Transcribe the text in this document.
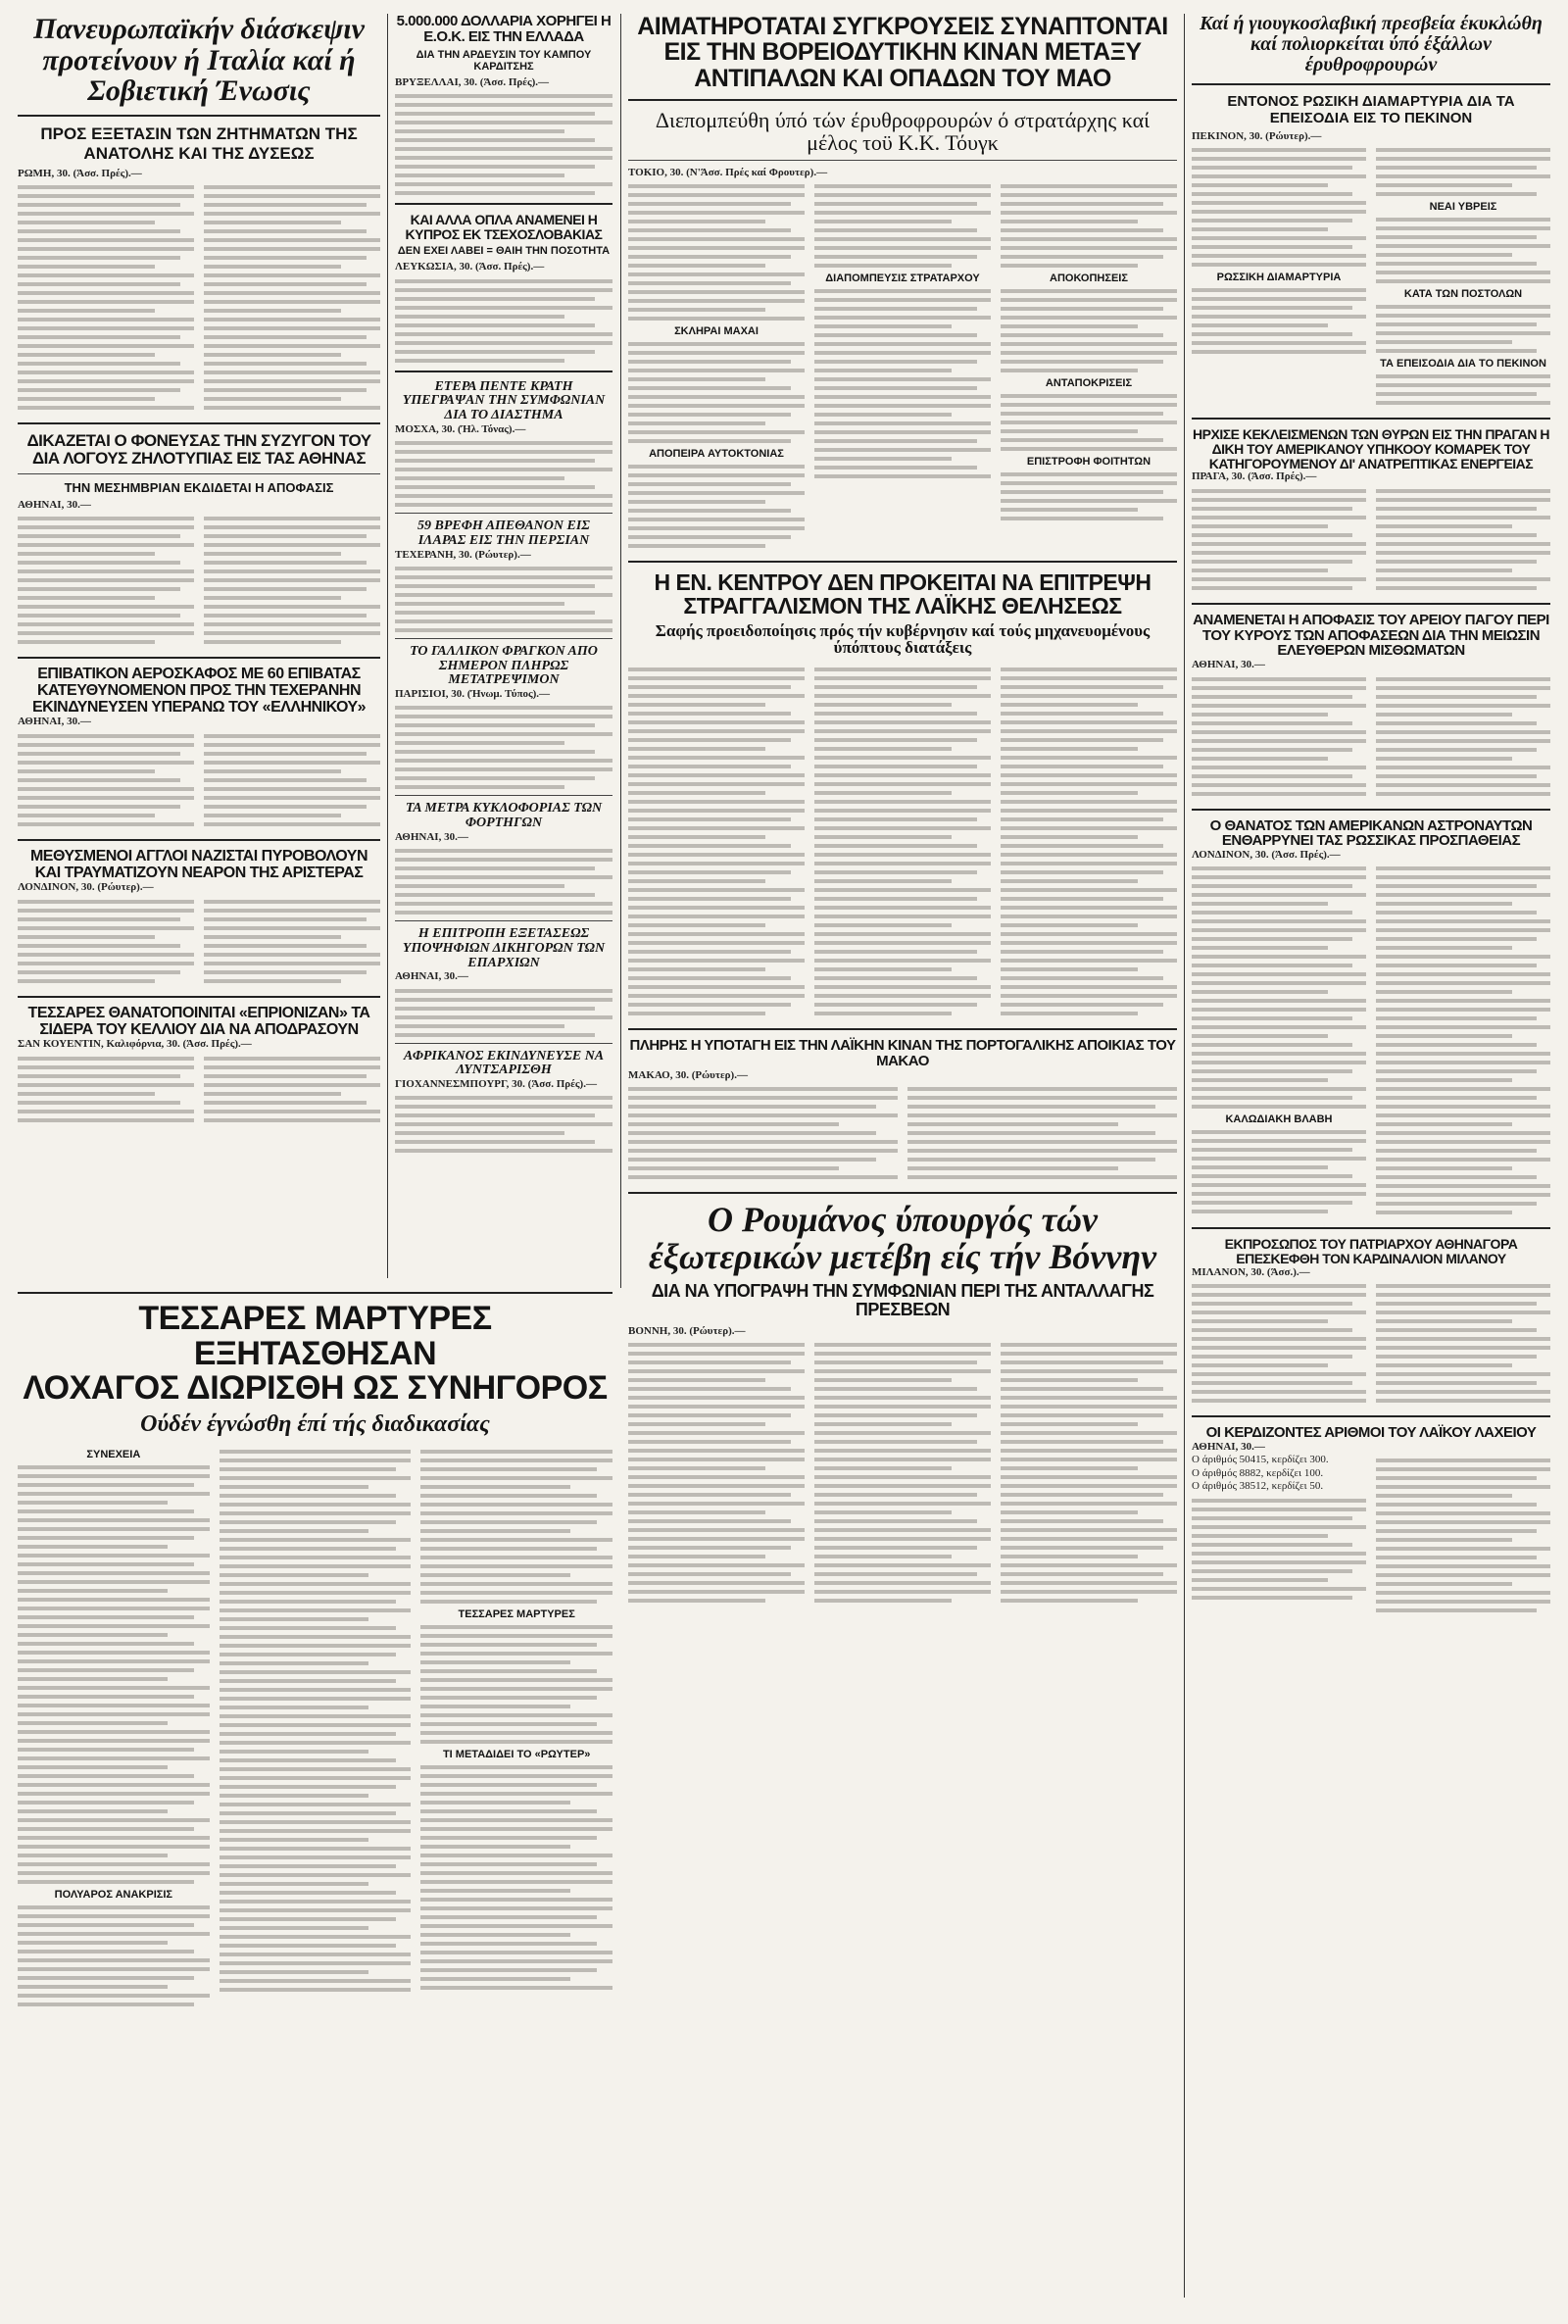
Πανευρωπαϊκήν διάσκεψιν προτείνουν ή Ιταλία καί ή Σοβιετική Ένωσις
ΠΡΟΣ ΕΞΕΤΑΣΙΝ ΤΩΝ ΖΗΤΗΜΑΤΩΝ ΤΗΣ ΑΝΑΤΟΛΗΣ ΚΑΙ ΤΗΣ ΔΥΣΕΩΣ

ΡΩΜΗ, 30. (Άσσ. Πρές).—

ΔΙΚΑΖΕΤΑΙ Ο ΦΟΝΕΥΣΑΣ ΤΗΝ ΣΥΖΥΓΟΝ ΤΟΥ ΔΙΑ ΛΟΓΟΥΣ ΖΗΛΟΤΥΠΙΑΣ ΕΙΣ ΤΑΣ ΑΘΗΝΑΣ
ΤΗΝ ΜΕΣΗΜΒΡΙΑΝ ΕΚΔΙΔΕΤΑΙ Η ΑΠΟΦΑΣΙΣ

ΑΘΗΝΑΙ, 30.—

ΕΠΙΒΑΤΙΚΟΝ ΑΕΡΟΣΚΑΦΟΣ ΜΕ 60 ΕΠΙΒΑΤΑΣ ΚΑΤΕΥΘΥΝΟΜΕΝΟΝ ΠΡΟΣ ΤΗΝ ΤΕΧΕΡΑΝΗΝ ΕΚΙΝΔΥΝΕΥΣΕΝ ΥΠΕΡΑΝΩ ΤΟΥ «ΕΛΛΗΝΙΚΟΥ»

ΑΘΗΝΑΙ, 30.—

ΜΕΘΥΣΜΕΝΟΙ ΑΓΓΛΟΙ ΝΑΖΙΣΤΑΙ ΠΥΡΟΒΟΛΟΥΝ ΚΑΙ ΤΡΑΥΜΑΤΙΖΟΥΝ ΝΕΑΡΟΝ ΤΗΣ ΑΡΙΣΤΕΡΑΣ

ΛΟΝΔΙΝΟΝ, 30. (Ρώυτερ).—

ΤΕΣΣΑΡΕΣ ΘΑΝΑΤΟΠΟΙΝΙΤΑΙ «ΕΠΡΙΟΝΙΖΑΝ» ΤΑ ΣΙΔΕΡΑ ΤΟΥ ΚΕΛΛΙΟΥ ΔΙΑ ΝΑ ΑΠΟΔΡΑΣΟΥΝ

ΣΑΝ ΚΟΥΕΝΤΙΝ, Καλιφόρνια, 30. (Άσσ. Πρές).—

5.000.000 ΔΟΛΛΑΡΙΑ ΧΟΡΗΓΕΙ Η Ε.Ο.Κ. ΕΙΣ ΤΗΝ ΕΛΛΑΔΑ
ΔΙΑ ΤΗΝ ΑΡΔΕΥΣΙΝ ΤΟΥ ΚΑΜΠΟΥ ΚΑΡΔΙΤΣΗΣ

ΒΡΥΞΕΛΛΑΙ, 30. (Άσσ. Πρές).—

ΚΑΙ ΑΛΛΑ ΟΠΛΑ ΑΝΑΜΕΝΕΙ Η ΚΥΠΡΟΣ ΕΚ ΤΣΕΧΟΣΛΟΒΑΚΙΑΣ
ΔΕΝ ΕΧΕΙ ΛΑΒΕΙ = ΘΑΙΗ ΤΗΝ ΠΟΣΟΤΗΤΑ

ΛΕΥΚΩΣΙΑ, 30. (Άσσ. Πρές).—

ΕΤΕΡΑ ΠΕΝΤΕ ΚΡΑΤΗ ΥΠΕΓΡΑΨΑΝ ΤΗΝ ΣΥΜΦΩΝΙΑΝ ΔΙΑ ΤΟ ΔΙΑΣΤΗΜΑ

ΜΟΣΧΑ, 30. (Ήλ. Τόνας).—

59 ΒΡΕΦΗ ΑΠΕΘΑΝΟΝ ΕΙΣ ΙΛΑΡΑΣ ΕΙΣ ΤΗΝ ΠΕΡΣΙΑΝ

ΤΕΧΕΡΑΝΗ, 30. (Ρώυτερ).—

ΤΟ ΓΑΛΛΙΚΟΝ ΦΡΑΓΚΟΝ ΑΠΟ ΣΗΜΕΡΟΝ ΠΛΗΡΩΣ ΜΕΤΑΤΡΕΨΙΜΟΝ

ΠΑΡΙΣΙΟΙ, 30. (Ήνωμ. Τύπος).—

ΤΑ ΜΕΤΡΑ ΚΥΚΛΟΦΟΡΙΑΣ ΤΩΝ ΦΟΡΤΗΓΩΝ

ΑΘΗΝΑΙ, 30.—

Η ΕΠΙΤΡΟΠΗ ΕΞΕΤΑΣΕΩΣ ΥΠΟΨΗΦΙΩΝ ΔΙΚΗΓΟΡΩΝ ΤΩΝ ΕΠΑΡΧΙΩΝ

ΑΘΗΝΑΙ, 30.—

ΑΦΡΙΚΑΝΟΣ ΕΚΙΝΔΥΝΕΥΣΕ ΝΑ ΛΥΝΤΣΑΡΙΣΘΗ

ΓΙΟΧΑΝΝΕΣΜΠΟΥΡΓ, 30. (Άσσ. Πρές).—

ΑΙΜΑΤΗΡΟΤΑΤΑΙ ΣΥΓΚΡΟΥΣΕΙΣ ΣΥΝΑΠΤΟΝΤΑΙ ΕΙΣ ΤΗΝ ΒΟΡΕΙΟΔΥΤΙΚΗΝ ΚΙΝΑΝ ΜΕΤΑΞΥ ΑΝΤΙΠΑΛΩΝ ΚΑΙ ΟΠΑΔΩΝ ΤΟΥ ΜΑΟ
Διεπομπεύθη ύπό τών έρυθροφρουρών ό στρατάρχης καί μέλος τοϋ Κ.Κ. Τόυγκ

ΤΟΚΙΟ, 30. (Ν'Άσσ. Πρές καί Φρουτερ).—

ΣΚΛΗΡΑΙ ΜΑΧΑΙ
ΑΠΟΠΕΙΡΑ ΑΥΤΟΚΤΟΝΙΑΣ
ΔΙΑΠΟΜΠΕΥΣΙΣ ΣΤΡΑΤΑΡΧΟΥ	ΑΠΟΚΟΠΗΣΕΙΣ
ΑΝΤΑΠΟΚΡΙΣΕΙΣ
ΕΠΙΣΤΡΟΦΗ ΦΟΙΤΗΤΩΝ
Η ΕΝ. ΚΕΝΤΡΟΥ ΔΕΝ ΠΡΟΚΕΙΤΑΙ ΝΑ ΕΠΙΤΡΕΨΗ ΣΤΡΑΓΓΑΛΙΣΜΟΝ ΤΗΣ ΛΑΪΚΗΣ ΘΕΛΗΣΕΩΣ
Σαφής προειδοποίησις πρός τήν κυβέρνησιν καί τούς μηχανευομένους ύπόπτους διατάξεις
ΠΛΗΡΗΣ Η ΥΠΟΤΑΓΗ ΕΙΣ ΤΗΝ ΛΑΪΚΗΝ ΚΙΝΑΝ ΤΗΣ ΠΟΡΤΟΓΑΛΙΚΗΣ ΑΠΟΙΚΙΑΣ ΤΟΥ ΜΑΚΑΟ

ΜΑΚΑΟ, 30. (Ρώυτερ).—

Ο Ρουμάνος ύπουργός τών έξωτερικών μετέβη είς τήν Βόννην
ΔΙΑ ΝΑ ΥΠΟΓΡΑΨΗ ΤΗΝ ΣΥΜΦΩΝΙΑΝ ΠΕΡΙ ΤΗΣ ΑΝΤΑΛΛΑΓΗΣ ΠΡΕΣΒΕΩΝ

ΒΟΝΝΗ, 30. (Ρώυτερ).—

Καί ή γιουγκοσλαβική πρεσβεία έκυκλώθη καί πολιορκείται ύπό έξάλλων έρυθροφρουρών
ΕΝΤΟΝΟΣ ΡΩΣΙΚΗ ΔΙΑΜΑΡΤΥΡΙΑ ΔΙΑ ΤΑ ΕΠΕΙΣΟΔΙΑ ΕΙΣ ΤΟ ΠΕΚΙΝΟΝ

ΠΕΚΙΝΟΝ, 30. (Ρώυτερ).—

ΡΩΣΣΙΚΗ ΔΙΑΜΑΡΤΥΡΙΑ
ΝΕΑΙ ΥΒΡΕΙΣ
ΚΑΤΑ ΤΩΝ ΠΟΣΤΟΛΩΝ
ΤΑ ΕΠΕΙΣΟΔΙΑ ΔΙΑ ΤΟ ΠΕΚΙΝΟΝ
ΗΡΧΙΣΕ ΚΕΚΛΕΙΣΜΕΝΩΝ ΤΩΝ ΘΥΡΩΝ ΕΙΣ ΤΗΝ ΠΡΑΓΑΝ Η ΔΙΚΗ ΤΟΥ ΑΜΕΡΙΚΑΝΟΥ ΥΠΗΚΟΟΥ ΚΟΜΑΡΕΚ ΤΟΥ ΚΑΤΗΓΟΡΟΥΜΕΝΟΥ ΔΙ' ΑΝΑΤΡΕΠΤΙΚΑΣ ΕΝΕΡΓΕΙΑΣ

ΠΡΑΓΑ, 30. (Άσσ. Πρές).—

ΑΝΑΜΕΝΕΤΑΙ Η ΑΠΟΦΑΣΙΣ ΤΟΥ ΑΡΕΙΟΥ ΠΑΓΟΥ ΠΕΡΙ ΤΟΥ ΚΥΡΟΥΣ ΤΩΝ ΑΠΟΦΑΣΕΩΝ ΔΙΑ ΤΗΝ ΜΕΙΩΣΙΝ ΕΛΕΥΘΕΡΩΝ ΜΙΣΘΩΜΑΤΩΝ

ΑΘΗΝΑΙ, 30.—

Ο ΘΑΝΑΤΟΣ ΤΩΝ ΑΜΕΡΙΚΑΝΩΝ ΑΣΤΡΟΝΑΥΤΩΝ ΕΝΘΑΡΡΥΝΕΙ ΤΑΣ ΡΩΣΣΙΚΑΣ ΠΡΟΣΠΑΘΕΙΑΣ

ΛΟΝΔΙΝΟΝ, 30. (Άσσ. Πρές).—

ΚΑΛΩΔΙΑΚΗ ΒΛΑΒΗ
ΕΚΠΡΟΣΩΠΟΣ ΤΟΥ ΠΑΤΡΙΑΡΧΟΥ ΑΘΗΝΑΓΟΡΑ ΕΠΕΣΚΕΦΘΗ ΤΟΝ ΚΑΡΔΙΝΑΛΙΟΝ ΜΙΛΑΝΟΥ

ΜΙΛΑΝΟΝ, 30. (Άσσ.).—

ΟΙ ΚΕΡΔΙΖΟΝΤΕΣ ΑΡΙΘΜΟΙ ΤΟΥ ΛΑΪΚΟΥ ΛΑΧΕΙΟΥ

ΑΘΗΝΑΙ, 30.—

Ο άριθμός 50415, κερδίζει 300.

Ο άριθμός 8882, κερδίζει 100.

Ο άριθμός 38512, κερδίζει 50.

ΤΕΣΣΑΡΕΣ ΜΑΡΤΥΡΕΣ ΕΞΗΤΑΣΘΗΣΑΝ
ΛΟΧΑΓΟΣ ΔΙΩΡΙΣΘΗ ΩΣ ΣΥΝΗΓΟΡΟΣ
Ούδέν έγνώσθη έπί τής διαδικασίας
ΣΥΝΕΧΕΙΑ
ΠΟΛΥΑΡΟΣ ΑΝΑΚΡΙΣΙΣ
ΤΕΣΣΑΡΕΣ ΜΑΡΤΥΡΕΣ
ΤΙ ΜΕΤΑΔΙΔΕΙ ΤΟ «ΡΩΥΤΕΡ»
